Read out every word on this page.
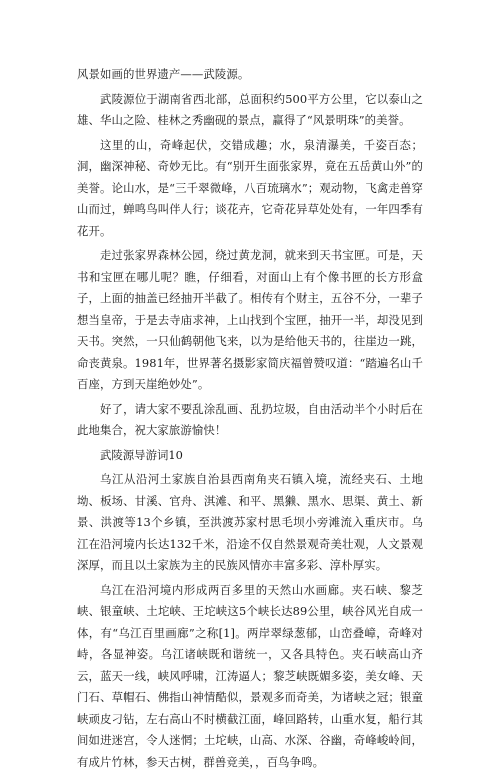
风景如画的世界遗产——武陵源。

武陵源位于湖南省西北部，总面积约500平方公里，它以泰山之雄、华山之险、桂林之秀幽砚的景点，赢得了“风景明珠”的美誉。

这里的山，奇峰起伏，交错成趣；水，泉清瀑美，千姿百态；洞，幽深神秘、奇妙无比。有“别开生面张家界，竟在五岳黄山外”的美誉。论山水，是“三千翠微峰，八百琉璃水”；观动物，飞禽走兽穿山而过，蝉鸣鸟叫伴人行；谈花卉，它奇花异草处处有，一年四季有花开。

走过张家界森林公园，绕过黄龙洞，就来到天书宝匣。可是，天书和宝匣在哪儿呢？瞧，仔细看，对面山上有个像书匣的长方形盒子，上面的抽盖已经抽开半截了。相传有个财主，五谷不分，一辈子想当皇帝，于是去寺庙求神，上山找到个宝匣，抽开一半，却没见到天书。突然，一只仙鹤朝他飞来，以为是给他天书的，往崖边一跳，命丧黄泉。1981年，世界著名摄影家简庆福曾赞叹道：“踏遍名山千百座，方到天崖绝妙处”。

好了，请大家不要乱涂乱画、乱扔垃圾，自由活动半个小时后在此地集合，祝大家旅游愉快！

武陵源导游词10

乌江从沿河土家族自治县西南角夹石镇入境，流经夹石、土地坳、板场、甘溪、官舟、淇滩、和平、黑獭、黑水、思渠、黄土、新景、洪渡等13个乡镇，至洪渡苏家村思毛坝小旁滩流入重庆市。乌江在沿河境内长达132千米，沿途不仅自然景观奇美壮观，人文景观深厚，而且以土家族为主的民族风情亦丰富多彩、淳朴厚实。

乌江在沿河境内形成两百多里的天然山水画廊。夹石峡、黎芝峡、银童峡、土坨峡、王坨峡这5个峡长达89公里，峡谷风光自成一体，有“乌江百里画廊”之称[1]。两岸翠绿葱郁，山峦叠嶂，奇峰对峙，各显神姿。乌江诸峡既和谐统一，又各具特色。夹石峡高山齐云，蓝天一线，峡风呼啸，江涛逼人；黎芝峡既媚多姿，美女峰、天门石、草帽石、佛指山神情酷似，景观多而奇美，为诸峡之冠；银童峡顽皮刁钻，左右高山不时横截江面，峰回路转，山重水复，船行其间如进迷宫，令人迷惘；土坨峡，山高、水深、谷幽，奇峰峻岭间，有成片竹林，参天古树，群兽竞美，，百鸟争鸣。
